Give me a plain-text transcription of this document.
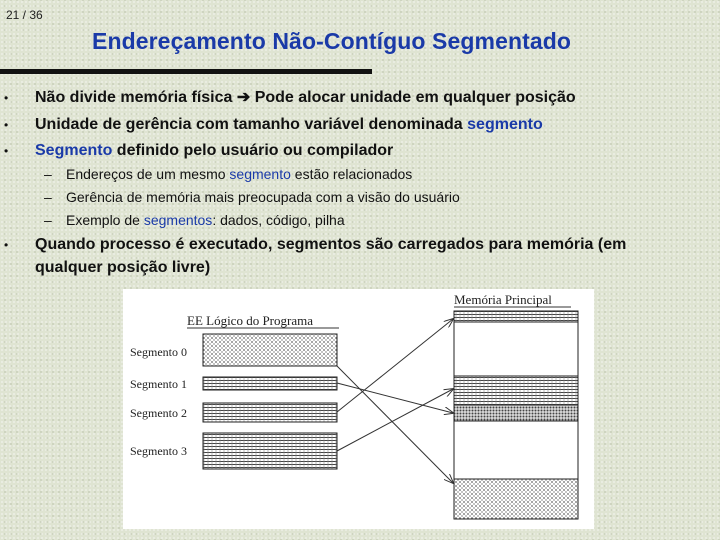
21 / 36
Endereçamento Não-Contíguo Segmentado
• Não divide memória física ➔ Pode alocar unidade em qualquer posição
• Unidade de gerência com tamanho variável denominada segmento
• Segmento definido pelo usuário ou compilador
– Endereços de um mesmo segmento estão relacionados
– Gerência de memória mais preocupada com a visão do usuário
– Exemplo de segmentos: dados, código, pilha
• Quando processo é executado, segmentos são carregados para memória (em
qualquer posição livre)
EE Lógico do Programa
Memória Principal
Segmento 0
Segmento 1
Segmento 2
Segmento 3
